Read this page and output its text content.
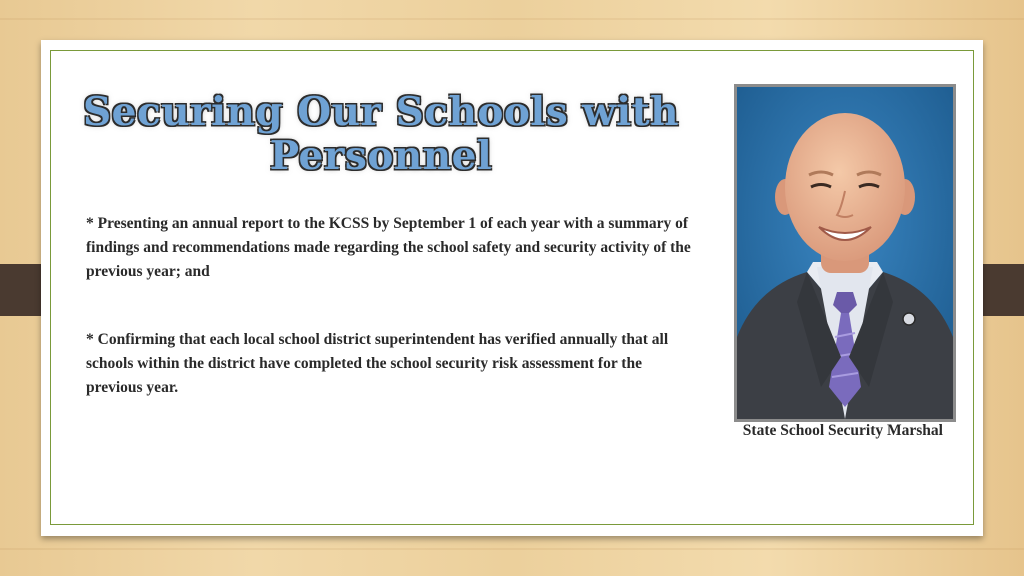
Securing Our Schools with Personnel

* Presenting an annual report to the KCSS by September 1 of each year with a summary of findings and recommendations made regarding the school safety and security activity of the previous year; and

* Confirming that each local school district superintendent has verified annually that all schools within the district have completed the school security risk assessment for the previous year.

State School Security Marshal
